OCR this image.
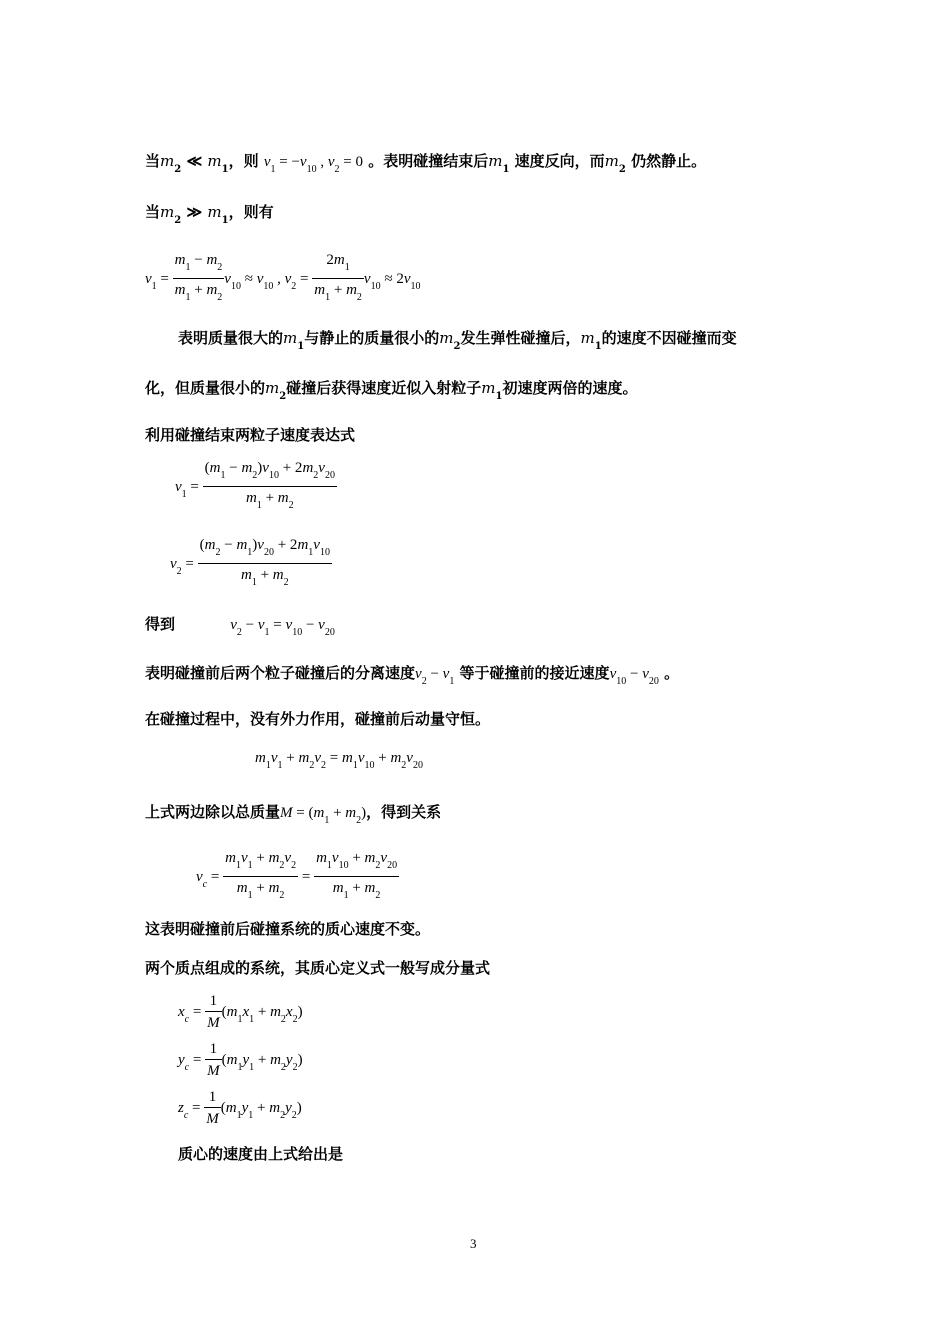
当$m_2$ ≪ $m_1$，则 $v_1 = -v_{10}$ , $v_2 = 0$ 。表明碰撞结束后$m_1$ 速度反向，而$m_2$ 仍然静止。
当$m_2$ ≫ $m_1$，则有
$v_1 = \frac{m_1 - m_2}{m_1 + m_2} v_{10} \approx v_{10}$ , $v_2 = \frac{2m_1}{m_1 + m_2} v_{10} \approx 2v_{10}$
表明质量很大的$m_1$与静止的质量很小的$m_2$发生弹性碰撞后，$m_1$的速度不因碰撞而变
化，但质量很小的$m_2$碰撞后获得速度近似入射粒子$m_1$初速度两倍的速度。
利用碰撞结束两粒子速度表达式
$v_1 = \frac{(m_1 - m_2)v_{10} + 2m_2v_{20}}{m_1 + m_2}$
$v_2 = \frac{(m_2 - m_1)v_{20} + 2m_1v_{10}}{m_1 + m_2}$
得到	$v_2 - v_1 = v_{10} - v_{20}$
表明碰撞前后两个粒子碰撞后的分离速度$v_2 - v_1$ 等于碰撞前的接近速度$v_{10} - v_{20}$ 。
在碰撞过程中，没有外力作用，碰撞前后动量守恒。
$m_1v_1 + m_2v_2 = m_1v_{10} + m_2v_{20}$
上式两边除以总质量$M = (m_1 + m_2)$，得到关系
$v_c = \frac{m_1v_1 + m_2v_2}{m_1 + m_2} = \frac{m_1v_{10} + m_2v_{20}}{m_1 + m_2}$
这表明碰撞前后碰撞系统的质心速度不变。
两个质点组成的系统，其质心定义式一般写成分量式
$x_c = \frac{1}{M} (m_1x_1 + m_2x_2)$
$y_c = \frac{1}{M} (m_1y_1 + m_2y_2)$
$z_c = \frac{1}{M} (m_1y_1 + m_2y_2)$
质心的速度由上式给出是
3
